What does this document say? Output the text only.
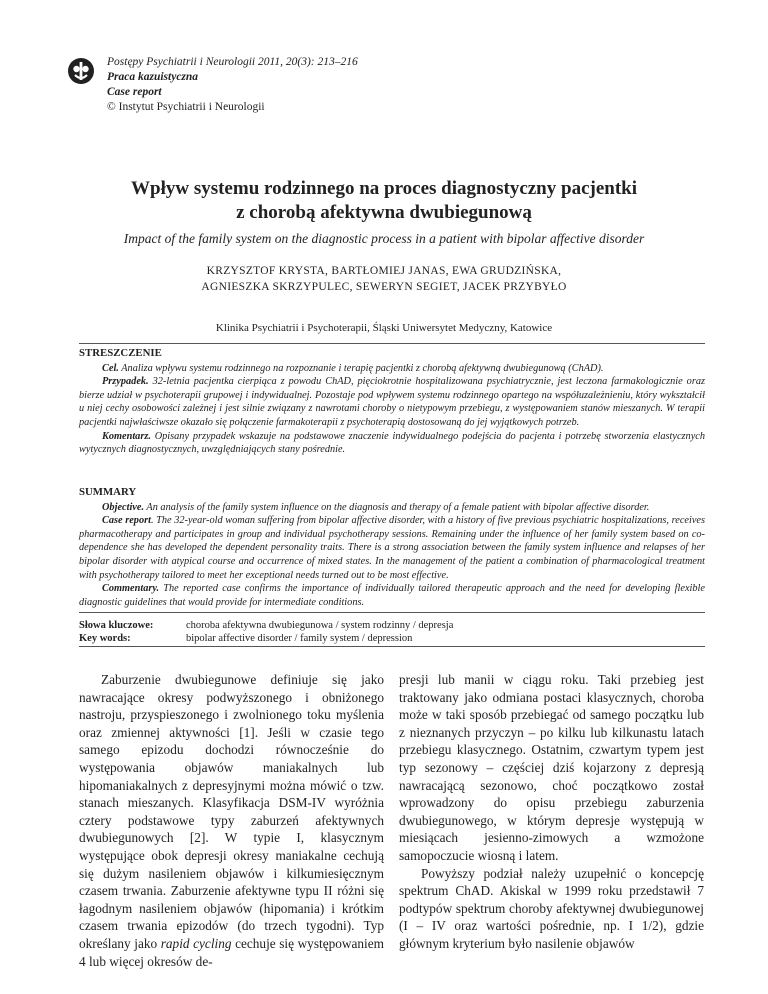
Postępy Psychiatrii i Neurologii 2011, 20(3): 213–216
Praca kazuistyczna
Case report
© Instytut Psychiatrii i Neurologii
Wpływ systemu rodzinnego na proces diagnostyczny pacjentki
z chorobą afektywna dwubiegunową
Impact of the family system on the diagnostic process in a patient with bipolar affective disorder
KRZYSZTOF KRYSTA, BARTŁOMIEJ JANAS, EWA GRUDZIŃSKA,
AGNIESZKA SKRZYPULEC, SEWERYN SEGIET, JACEK PRZYBYŁO
Klinika Psychiatrii i Psychoterapii, Śląski Uniwersytet Medyczny, Katowice
STRESZCZENIE

Cel. Analiza wpływu systemu rodzinnego na rozpoznanie i terapię pacjentki z chorobą afektywną dwubiegunową (ChAD).

Przypadek. 32-letnia pacjentka cierpiąca z powodu ChAD, pięciokrotnie hospitalizowana psychiatrycznie, jest leczona farmakologicznie oraz bierze udział w psychoterapii grupowej i indywidualnej. Pozostaje pod wpływem systemu rodzinnego opartego na współuzależnieniu, który wykształcił u niej cechy osobowości zależnej i jest silnie związany z nawrotami choroby o nietypowym przebiegu, z występowaniem stanów mieszanych. W terapii pacjentki najwłaściwsze okazało się połączenie farmakoterapii z psychoterapią dostosowaną do jej wyjątkowych potrzeb.

Komentarz. Opisany przypadek wskazuje na podstawowe znaczenie indywidualnego podejścia do pacjenta i potrzebę stworzenia elastycznych wytycznych diagnostycznych, uwzględniających stany pośrednie.

SUMMARY

Objective. An analysis of the family system influence on the diagnosis and therapy of a female patient with bipolar affective disorder.

Case report. The 32-year-old woman suffering from bipolar affective disorder, with a history of five previous psychiatric hospitalizations, receives pharmacotherapy and participates in group and individual psychotherapy sessions. Remaining under the influence of her family system based on co-dependence she has developed the dependent personality traits. There is a strong association between the family system influence and relapses of her bipolar disorder with atypical course and occurrence of mixed states. In the management of the patient a combination of pharmacological treatment with psychotherapy tailored to meet her exceptional needs turned out to be most effective.

Commentary. The reported case confirms the importance of individually tailored therapeutic approach and the need for developing flexible diagnostic guidelines that would provide for intermediate conditions.

Słowa kluczowe:	choroba afektywna dwubiegunowa / system rodzinny / depresja
Key words:	bipolar affective disorder / family system / depression

Zaburzenie dwubiegunowe definiuje się jako nawracające okresy podwyższonego i obniżonego nastroju, przyspieszonego i zwolnionego toku myślenia oraz zmiennej aktywności [1]. Jeśli w czasie tego samego epizodu dochodzi równocześnie do występowania objawów maniakalnych lub hipomaniakalnych z depresyjnymi można mówić o tzw. stanach mieszanych. Klasyfikacja DSM-IV wyróżnia cztery podstawowe typy zaburzeń afektywnych dwubiegunowych [2]. W typie I, klasycznym występujące obok depresji okresy maniakalne cechują się dużym nasileniem objawów i kilkumiesięcznym czasem trwania. Zaburzenie afektywne typu II różni się łagodnym nasileniem objawów (hipomania) i krótkim czasem trwania epizodów (do trzech tygodni). Typ określany jako rapid cycling cechuje się występowaniem 4 lub więcej okresów de-

presji lub manii w ciągu roku. Taki przebieg jest traktowany jako odmiana postaci klasycznych, choroba może w taki sposób przebiegać od samego początku lub z nieznanych przyczyn – po kilku lub kilkunastu latach przebiegu klasycznego. Ostatnim, czwartym typem jest typ sezonowy – częściej dziś kojarzony z depresją nawracającą sezonowo, choć początkowo został wprowadzony do opisu przebiegu zaburzenia dwubiegunowego, w którym depresje występują w miesiącach jesienno-zimowych a wzmożone samopoczucie wiosną i latem.

Powyższy podział należy uzupełnić o koncepcję spektrum ChAD. Akiskal w 1999 roku przedstawił 7 podtypów spektrum choroby afektywnej dwubiegunowej (I – IV oraz wartości pośrednie, np. I 1/2), gdzie głównym kryterium było nasilenie objawów
